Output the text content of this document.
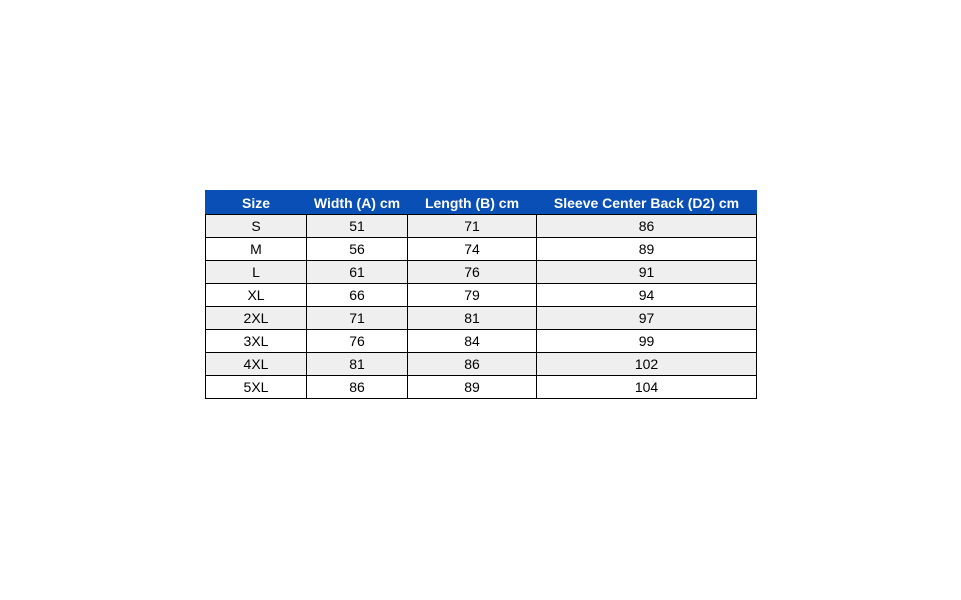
Size	Width (A) cm	Length (B) cm	Sleeve Center Back (D2) cm
S	51	71	86
M	56	74	89
L	61	76	91
XL	66	79	94
2XL	71	81	97
3XL	76	84	99
4XL	81	86	102
5XL	86	89	104
